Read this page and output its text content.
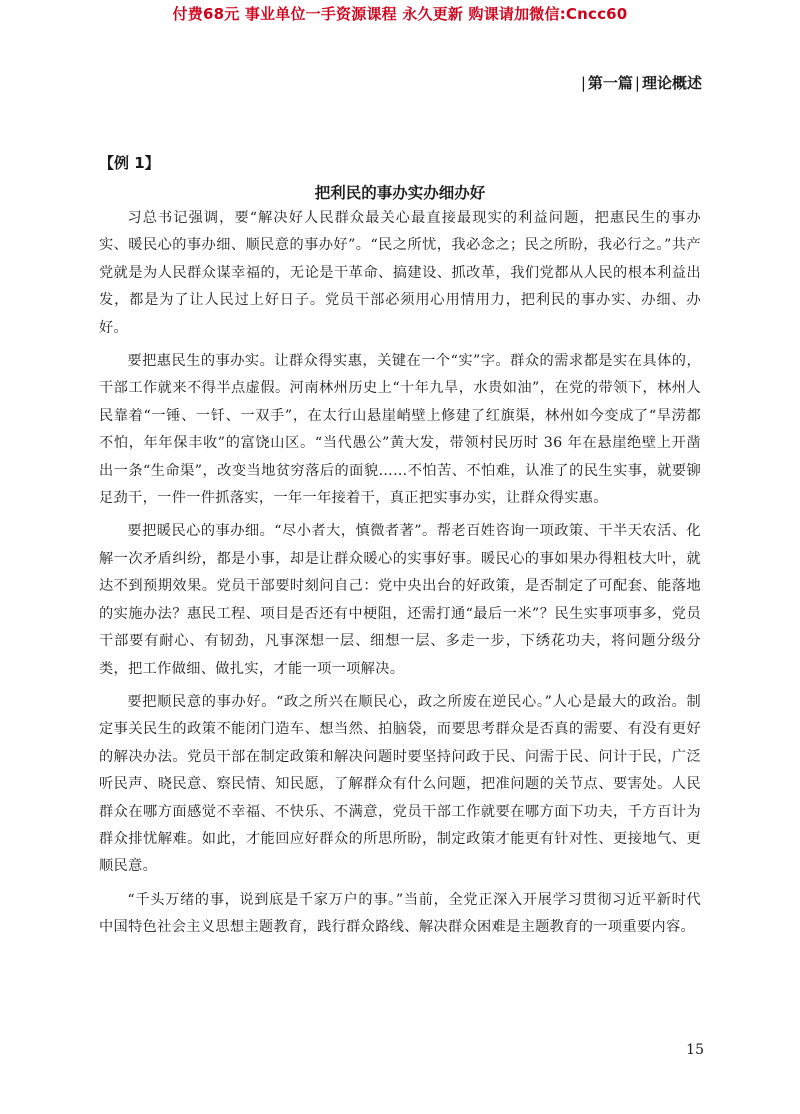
付费68元 事业单位一手资源课程 永久更新 购课请加微信:Cncc60
| 第一篇 | 理论概述
【例 1】
把利民的事办实办细办好

习总书记强调，要“解决好人民群众最关心最直接最现实的利益问题，把惠民生的事办实、暖民心的事办细、顺民意的事办好”。“民之所忧，我必念之；民之所盼，我必行之。”共产党就是为人民群众谋幸福的，无论是干革命、搞建设、抓改革，我们党都从人民的根本利益出发，都是为了让人民过上好日子。党员干部必须用心用情用力，把利民的事办实、办细、办好。

要把惠民生的事办实。让群众得实惠，关键在一个“实”字。群众的需求都是实在具体的，干部工作就来不得半点虚假。河南林州历史上“十年九旱，水贵如油”，在党的带领下，林州人民靠着“一锤、一钎、一双手”，在太行山悬崖峭壁上修建了红旗渠，林州如今变成了“旱涝都不怕，年年保丰收”的富饶山区。“当代愚公”黄大发，带领村民历时 36 年在悬崖绝壁上开凿出一条“生命渠”，改变当地贫穷落后的面貌……不怕苦、不怕难，认准了的民生实事，就要铆足劲干，一件一件抓落实，一年一年接着干，真正把实事办实，让群众得实惠。

要把暖民心的事办细。“尽小者大，慎微者著”。帮老百姓咨询一项政策、干半天农活、化解一次矛盾纠纷，都是小事，却是让群众暖心的实事好事。暖民心的事如果办得粗枝大叶，就达不到预期效果。党员干部要时刻问自己：党中央出台的好政策，是否制定了可配套、能落地的实施办法？惠民工程、项目是否还有中梗阻，还需打通“最后一米”？民生实事项事多，党员干部要有耐心、有韧劲，凡事深想一层、细想一层、多走一步，下绣花功夫，将问题分级分类，把工作做细、做扎实，才能一项一项解决。

要把顺民意的事办好。“政之所兴在顺民心，政之所废在逆民心。”人心是最大的政治。制定事关民生的政策不能闭门造车、想当然、拍脑袋，而要思考群众是否真的需要、有没有更好的解决办法。党员干部在制定政策和解决问题时要坚持问政于民、问需于民、问计于民，广泛听民声、晓民意、察民情、知民愿，了解群众有什么问题，把准问题的关节点、要害处。人民群众在哪方面感觉不幸福、不快乐、不满意，党员干部工作就要在哪方面下功夫，千方百计为群众排忧解难。如此，才能回应好群众的所思所盼，制定政策才能更有针对性、更接地气、更顺民意。

“千头万绪的事，说到底是千家万户的事。”当前，全党正深入开展学习贯彻习近平新时代中国特色社会主义思想主题教育，践行群众路线、解决群众困难是主题教育的一项重要内容。

15
